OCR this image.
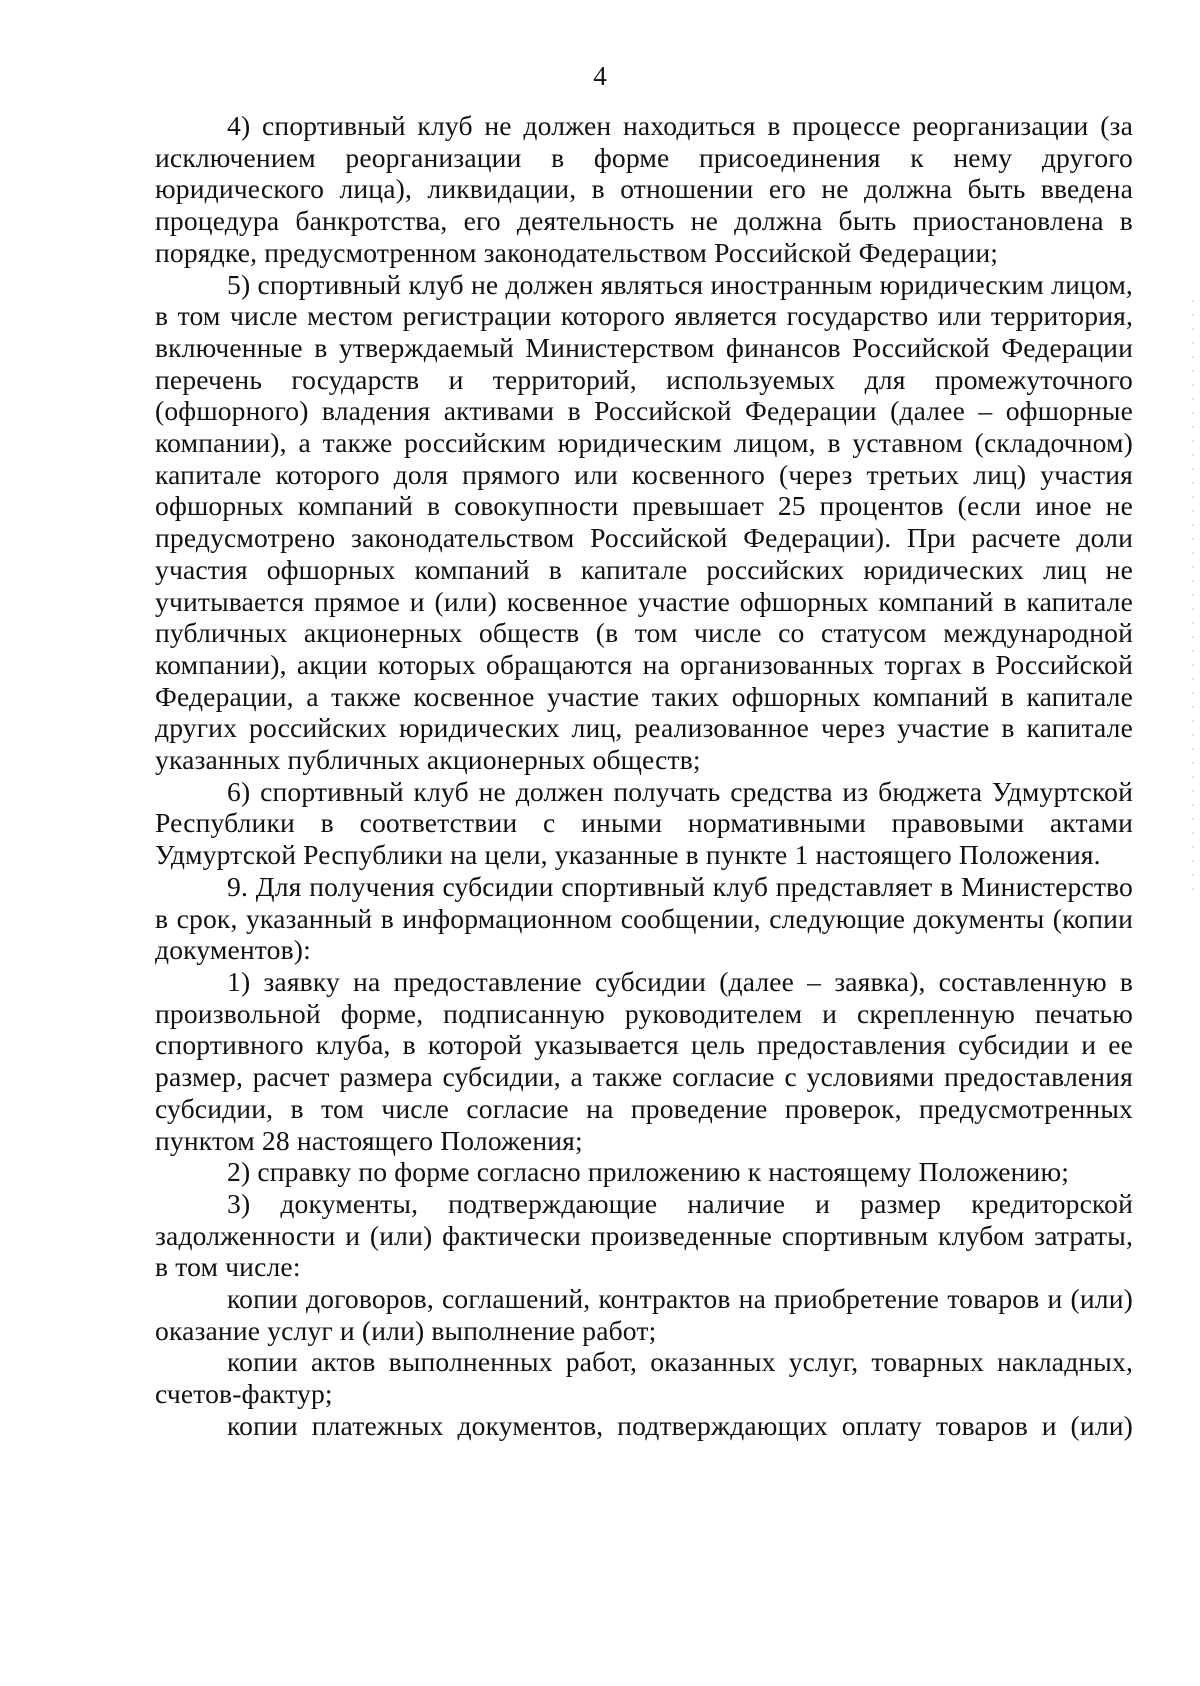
4

4) спортивный клуб не должен находиться в процессе реорганизации (за исключением реорганизации в форме присоединения к нему другого юридического лица), ликвидации, в отношении его не должна быть введена процедура банкротства, его деятельность не должна быть приостановлена в порядке, предусмотренном законодательством Российской Федерации;

5) спортивный клуб не должен являться иностранным юридическим лицом, в том числе местом регистрации которого является государство или территория, включенные в утверждаемый Министерством финансов Российской Федерации перечень государств и территорий, используемых для промежуточного (офшорного) владения активами в Российской Федерации (далее – офшорные компании), а также российским юридическим лицом, в уставном (складочном) капитале которого доля прямого или косвенного (через третьих лиц) участия офшорных компаний в совокупности превышает 25 процентов (если иное не предусмотрено законодательством Российской Федерации). При расчете доли участия офшорных компаний в капитале российских юридических лиц не учитывается прямое и (или) косвенное участие офшорных компаний в капитале публичных акционерных обществ (в том числе со статусом международной компании), акции которых обращаются на организованных торгах в Российской Федерации, а также косвенное участие таких офшорных компаний в капитале других российских юридических лиц, реализованное через участие в капитале указанных публичных акционерных обществ;

6) спортивный клуб не должен получать средства из бюджета Удмуртской Республики в соответствии с иными нормативными правовыми актами Удмуртской Республики на цели, указанные в пункте 1 настоящего Положения.

9. Для получения субсидии спортивный клуб представляет в Министерство в срок, указанный в информационном сообщении, следующие документы (копии документов):

1) заявку на предоставление субсидии (далее – заявка), составленную в произвольной форме, подписанную руководителем и скрепленную печатью спортивного клуба, в которой указывается цель предоставления субсидии и ее размер, расчет размера субсидии, а также согласие с условиями предоставления субсидии, в том числе согласие на проведение проверок, предусмотренных пунктом 28 настоящего Положения;

2) справку по форме согласно приложению к настоящему Положению;

3) документы, подтверждающие наличие и размер кредиторской задолженности и (или) фактически произведенные спортивным клубом затраты, в том числе:

копии договоров, соглашений, контрактов на приобретение товаров и (или) оказание услуг и (или) выполнение работ;

копии актов выполненных работ, оказанных услуг, товарных накладных, счетов-фактур;

копии платежных документов, подтверждающих оплату товаров и (или)
